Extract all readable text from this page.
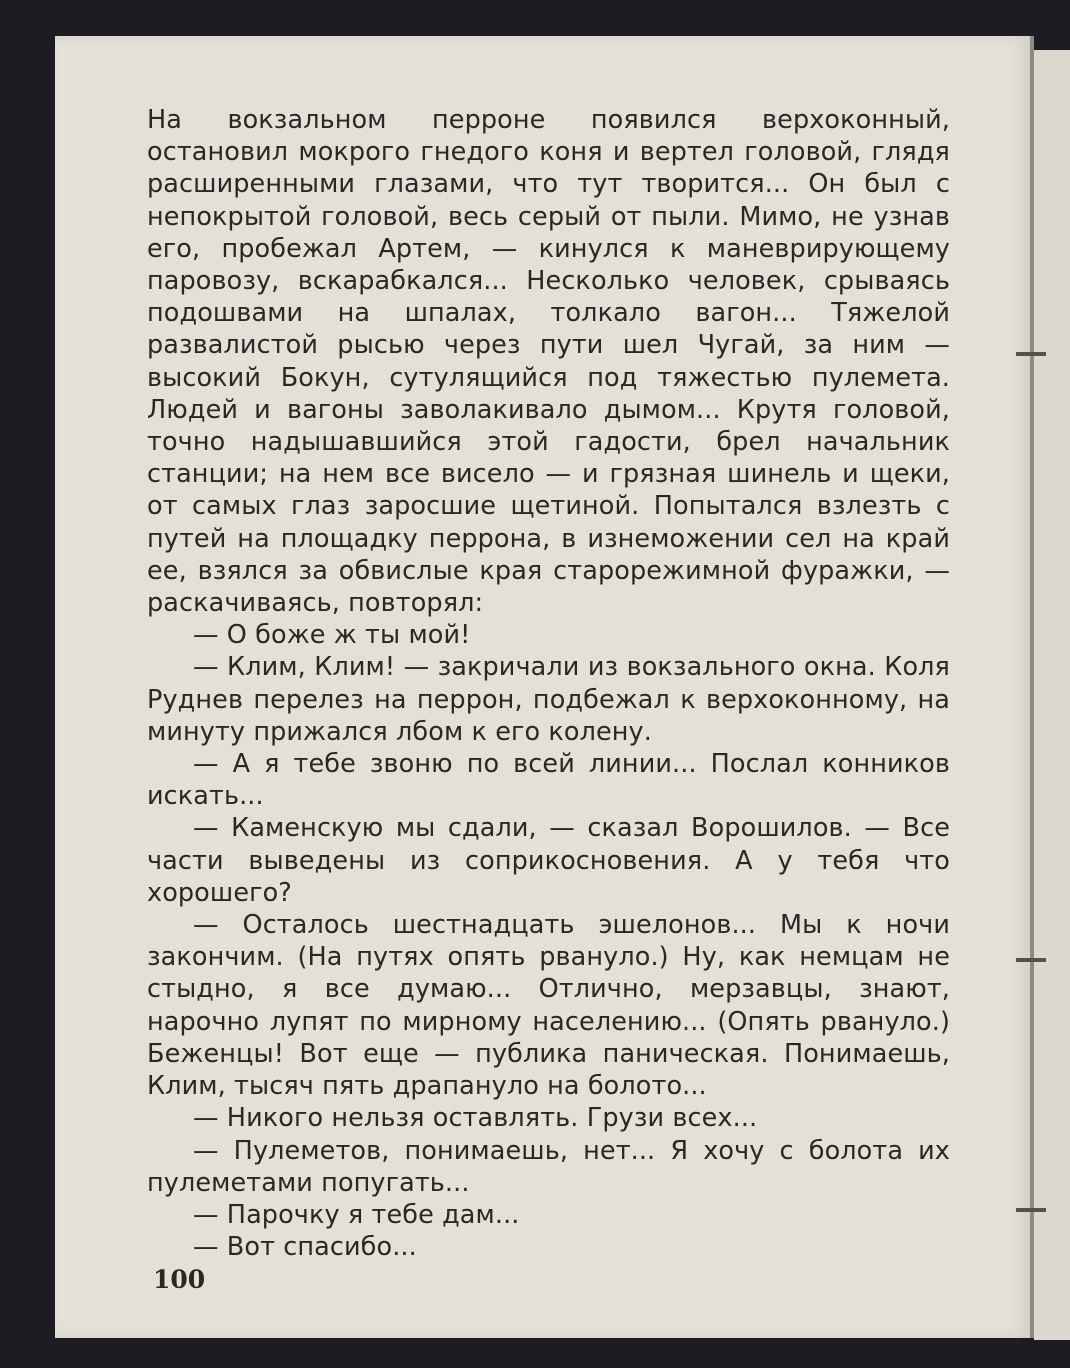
На вокзальном перроне появился верхоконный, остановил мокрого гнедого коня и вертел головой, глядя расширенными глазами, что тут творится... Он был с непокрытой головой, весь серый от пыли. Мимо, не узнав его, пробежал Артем, — кинулся к маневрирующему паровозу, вскарабкался... Несколько человек, срываясь подошвами на шпалах, толкало вагон... Тяжелой развалистой рысью через пути шел Чугай, за ним — высокий Бокун, сутулящийся под тяжестью пулемета. Людей и вагоны заволакивало дымом... Крутя головой, точно надышавшийся этой гадости, брел начальник станции; на нем все висело — и грязная шинель и щеки, от самых глаз заросшие щетиной. Попытался взлезть с путей на площадку перрона, в изнеможении сел на край ее, взялся за обвислые края старорежимной фуражки, — раскачиваясь, повторял:

— О боже ж ты мой!

— Клим, Клим! — закричали из вокзального окна. Коля Руднев перелез на перрон, подбежал к верхоконному, на минуту прижался лбом к его колену.

— А я тебе звоню по всей линии... Послал конников искать...

— Каменскую мы сдали, — сказал Ворошилов. — Все части выведены из соприкосновения. А у тебя что хорошего?

— Осталось шестнадцать эшелонов... Мы к ночи закончим. (На путях опять рвануло.) Ну, как немцам не стыдно, я все думаю... Отлично, мерзавцы, знают, нарочно лупят по мирному населению... (Опять рвануло.) Беженцы! Вот еще — публика паническая. Понимаешь, Клим, тысяч пять драпануло на болото...

— Никого нельзя оставлять. Грузи всех...

— Пулеметов, понимаешь, нет... Я хочу с болота их пулеметами попугать...

— Парочку я тебе дам...

— Вот спасибо...

100
